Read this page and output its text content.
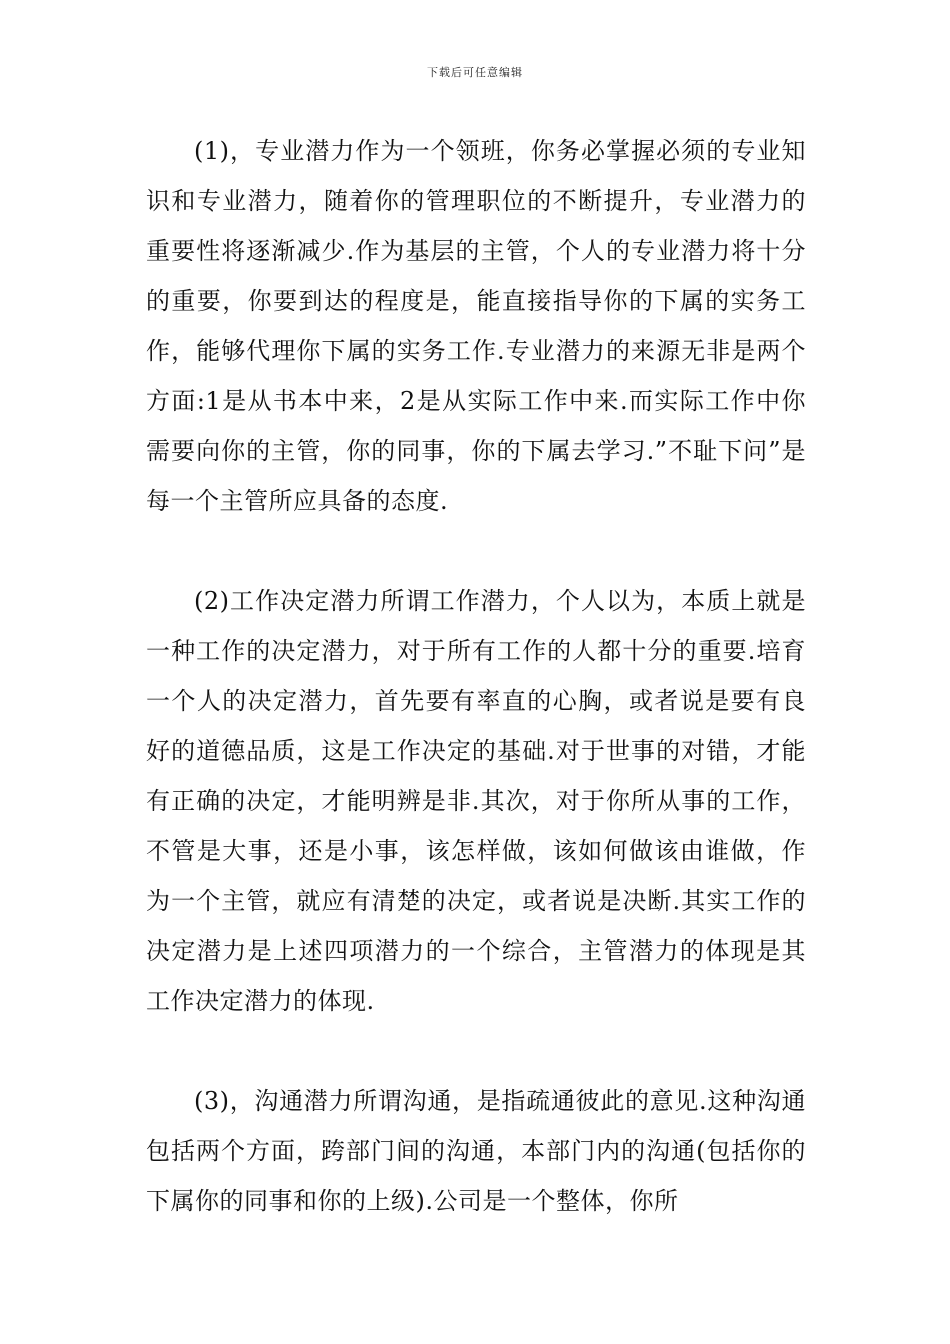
下载后可任意编辑

(1)，专业潜力作为一个领班，你务必掌握必须的专业知识和专业潜力，随着你的管理职位的不断提升，专业潜力的重要性将逐渐减少.作为基层的主管，个人的专业潜力将十分的重要，你要到达的程度是，能直接指导你的下属的实务工作，能够代理你下属的实务工作.专业潜力的来源无非是两个方面:1是从书本中来，2是从实际工作中来.而实际工作中你需要向你的主管，你的同事，你的下属去学习.”不耻下问”是每一个主管所应具备的态度.

(2)工作决定潜力所谓工作潜力，个人以为，本质上就是一种工作的决定潜力，对于所有工作的人都十分的重要.培育一个人的决定潜力，首先要有率直的心胸，或者说是要有良好的道德品质，这是工作决定的基础.对于世事的对错，才能有正确的决定，才能明辨是非.其次，对于你所从事的工作，不管是大事，还是小事，该怎样做，该如何做该由谁做，作为一个主管，就应有清楚的决定，或者说是决断.其实工作的决定潜力是上述四项潜力的一个综合，主管潜力的体现是其工作决定潜力的体现.

(3)，沟通潜力所谓沟通，是指疏通彼此的意见.这种沟通包括两个方面，跨部门间的沟通，本部门内的沟通(包括你的下属你的同事和你的上级).公司是一个整体，你所
